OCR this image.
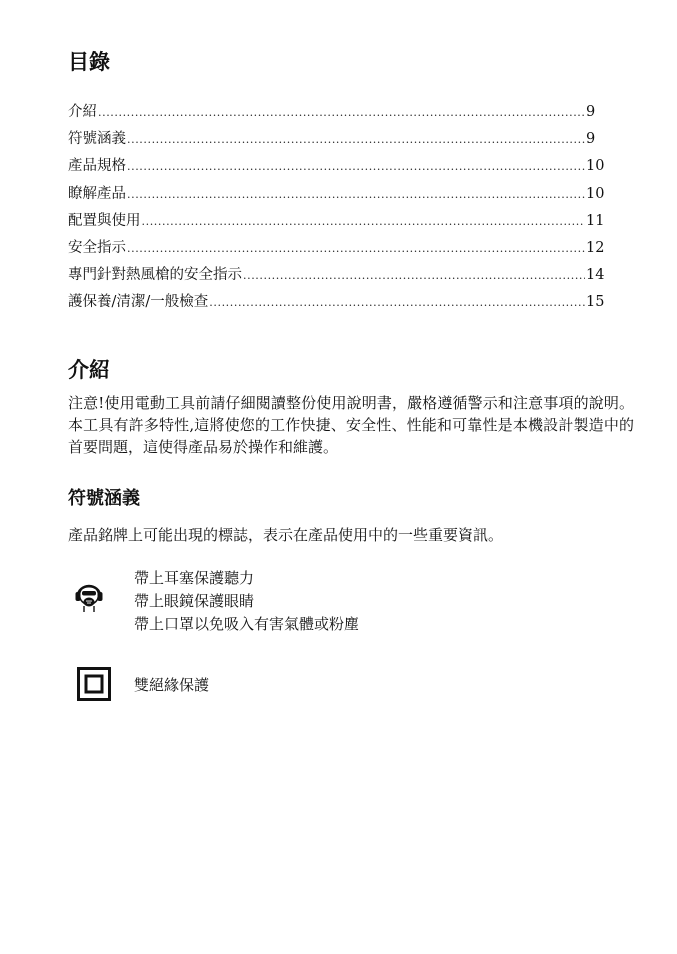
目錄
介紹 .....	9
符號涵義 .....	9
產品規格 .....	10
瞭解產品 .....	10
配置與使用 .....	11
安全指示 .....	12
專門針對熱風槍的安全指示 .....	14
護保養/清潔/一般檢查 .....	15
介紹

注意!使用電動工具前請仔細閱讀整份使用說明書，嚴格遵循警示和注意事項的說明。本工具有許多特性,這將使您的工作快捷、安全性、性能和可靠性是本機設計製造中的首要問題，這使得產品易於操作和維護。

符號涵義

產品銘牌上可能出現的標誌，表示在產品使用中的一些重要資訊。

帶上耳塞保護聽力
帶上眼鏡保護眼睛
帶上口罩以免吸入有害氣體或粉塵
雙絕緣保護
